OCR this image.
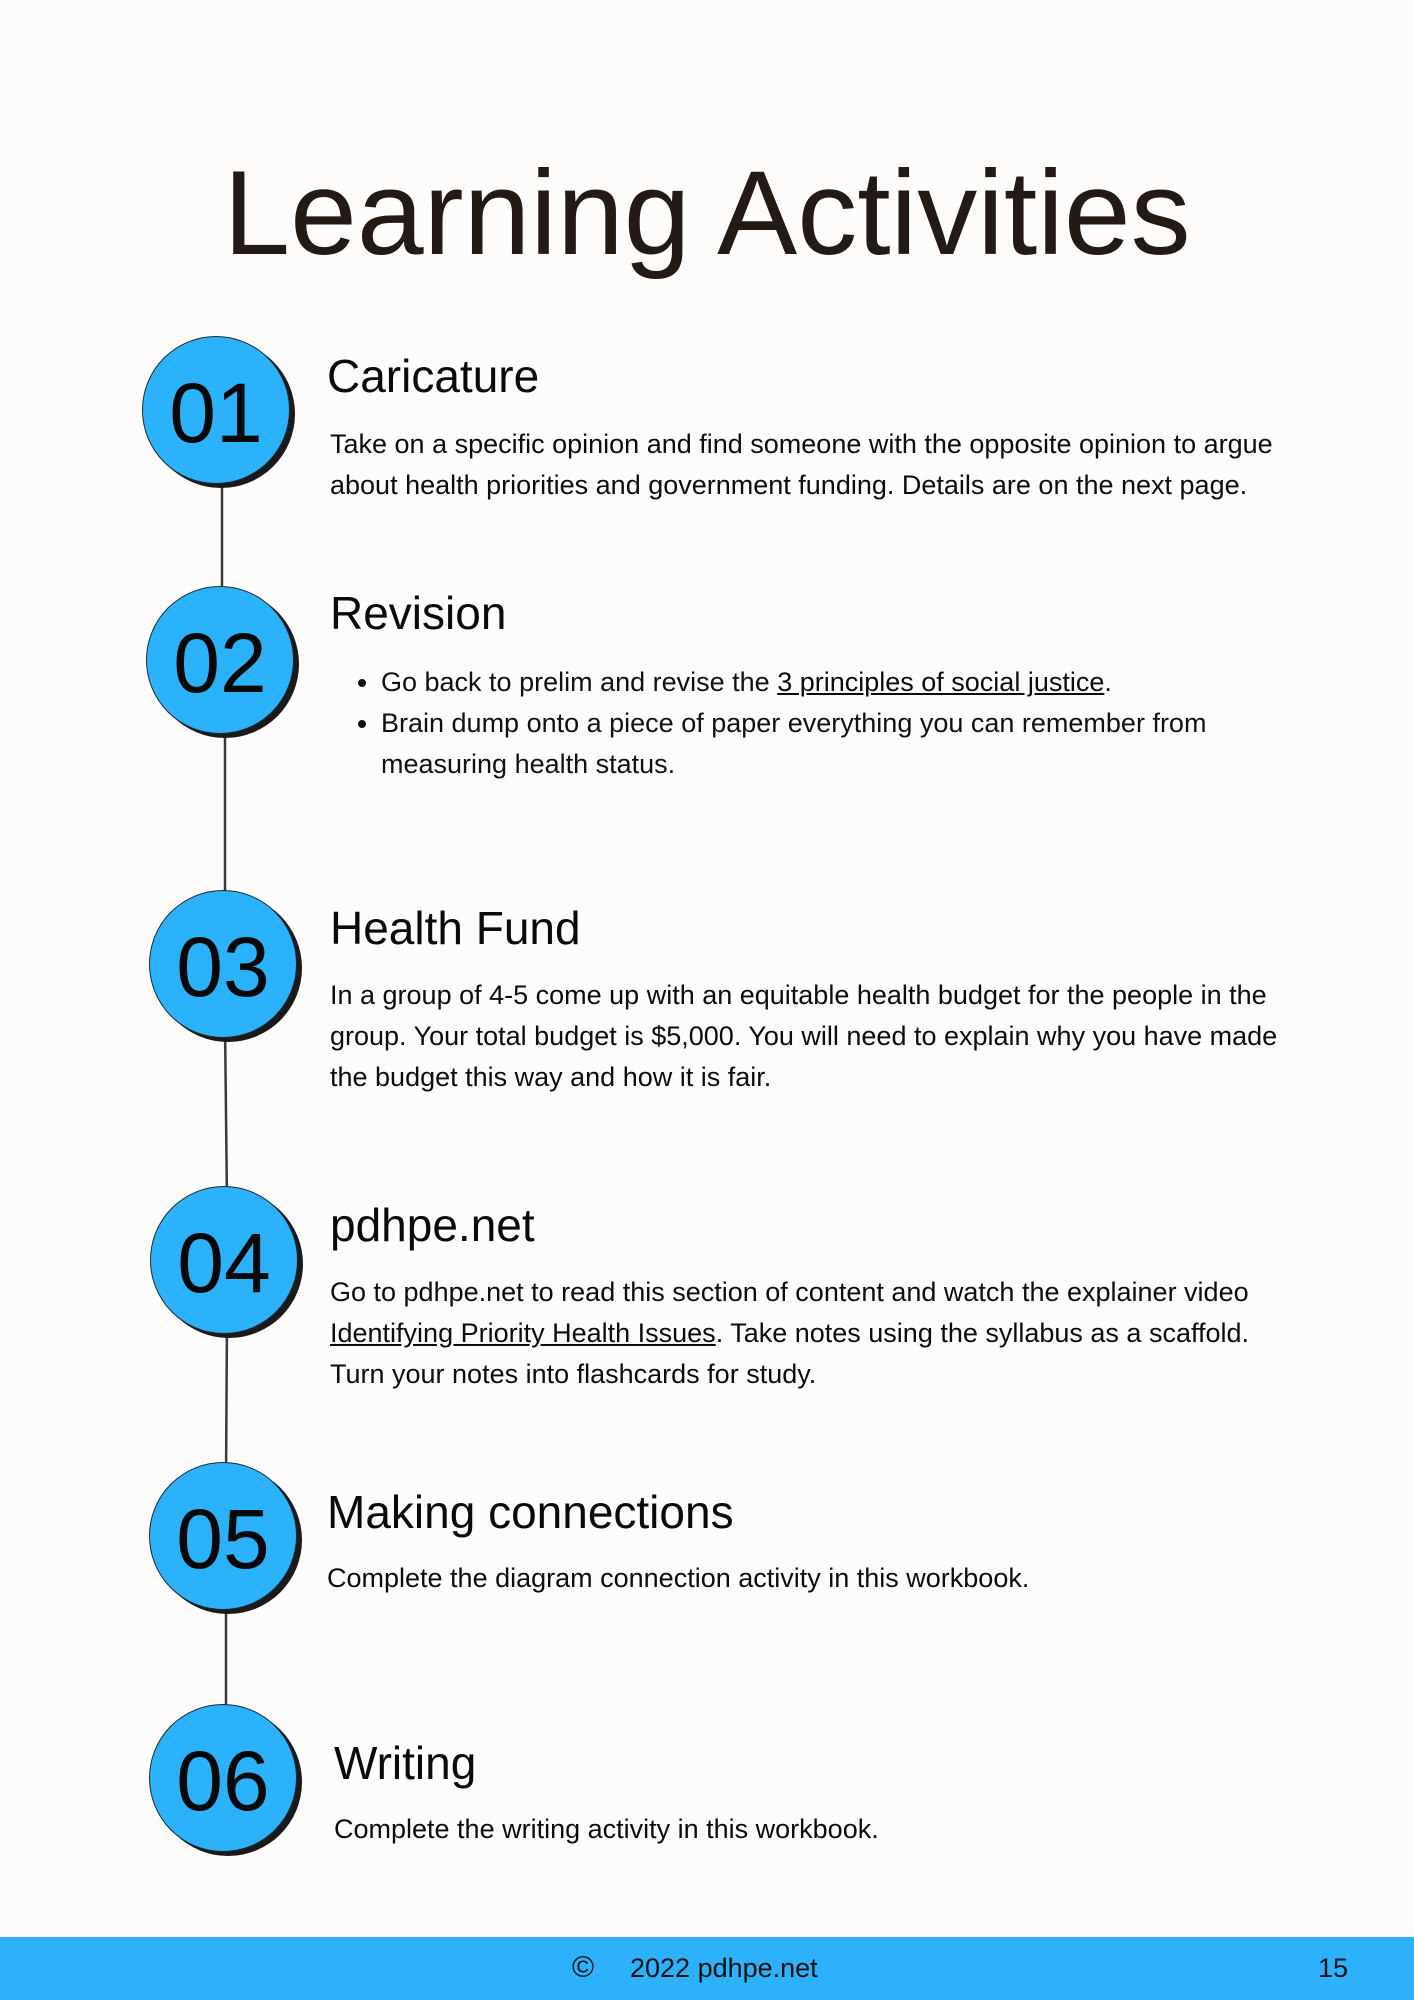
Learning Activities
01 Caricature

Take on a specific opinion and find someone with the opposite opinion to argue about health priorities and government funding. Details are on the next page.

02
Revision
• Go back to prelim and revise the 3 principles of social justice.
• Brain dump onto a piece of paper everything you can remember from measuring health status.
03 Health Fund

In a group of 4-5 come up with an equitable health budget for the people in the group. Your total budget is $5,000. You will need to explain why you have made the budget this way and how it is fair.

04 pdhpe.net

Go to pdhpe.net to read this section of content and watch the explainer video Identifying Priority Health Issues. Take notes using the syllabus as a scaffold. Turn your notes into flashcards for study.

05 Making connections

Complete the diagram connection activity in this workbook.

06 Writing

Complete the writing activity in this workbook.

© 2022 pdhpe.net	15
